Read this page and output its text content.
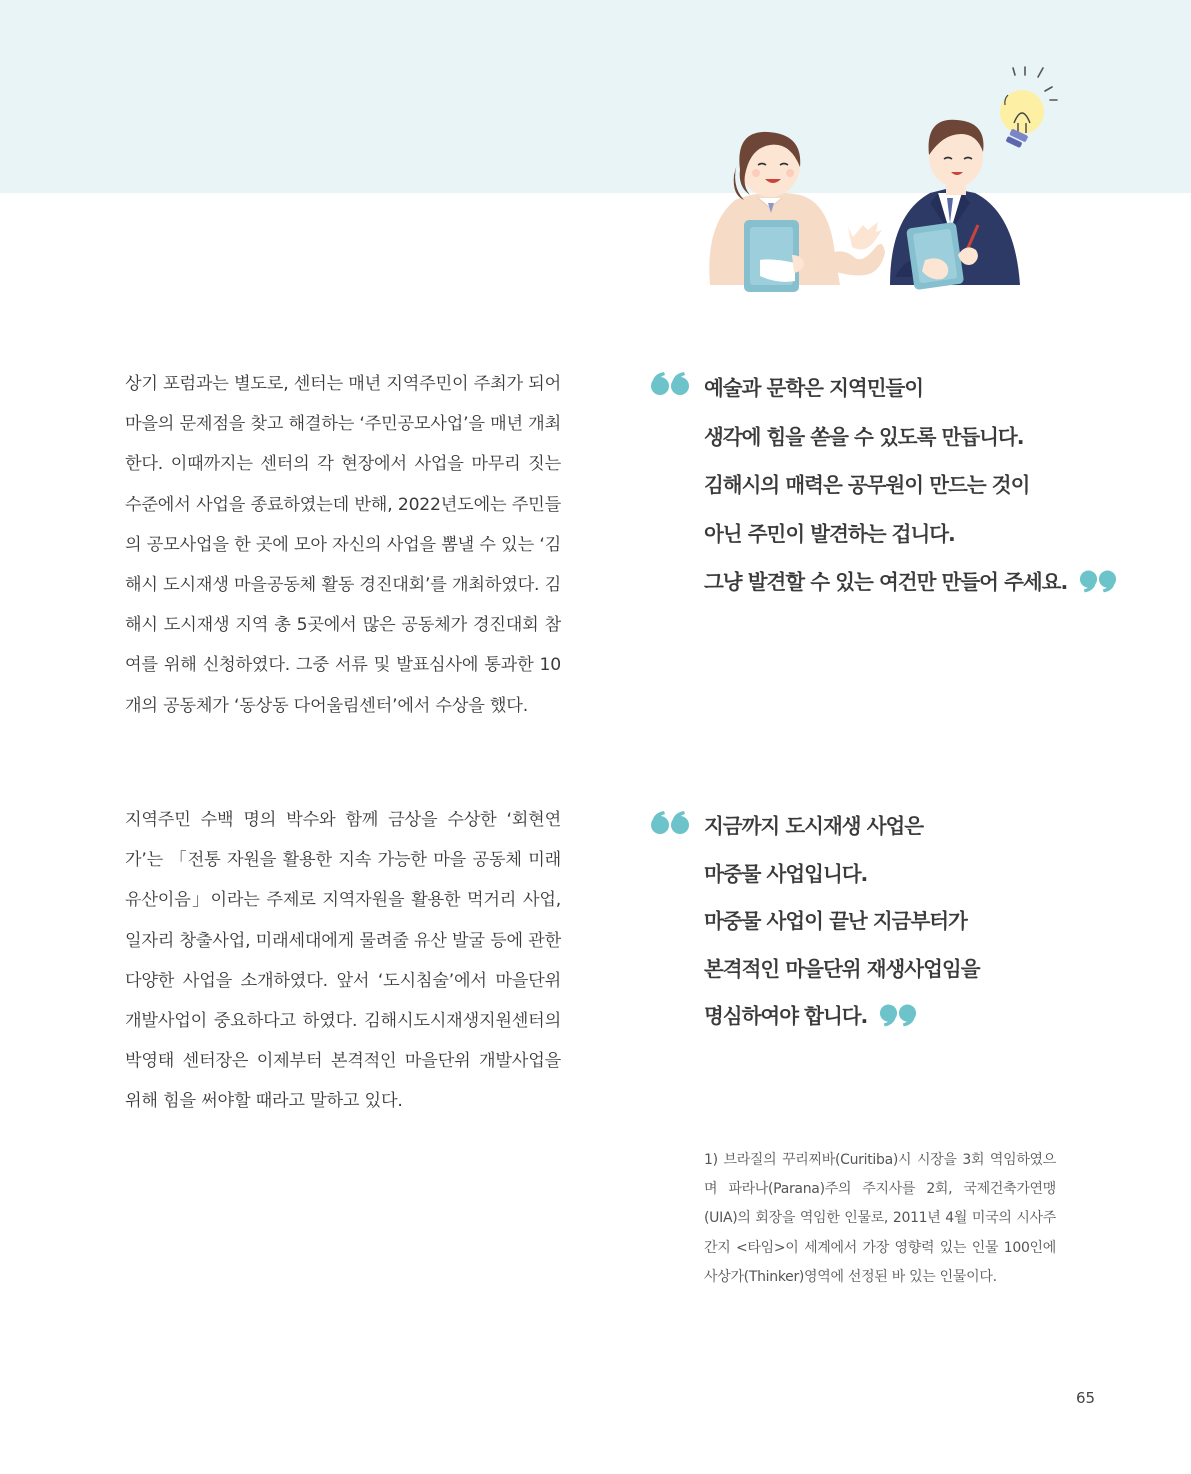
상기 포럼과는 별도로, 센터는 매년 지역주민이 주최가 되어 마을의 문제점을 찾고 해결하는 ‘주민공모사업’을 매년 개최한다. 이때까지는 센터의 각 현장에서 사업을 마무리 짓는 수준에서 사업을 종료하였는데 반해, 2022년도에는 주민들의 공모사업을 한 곳에 모아 자신의 사업을 뽐낼 수 있는 ‘김해시 도시재생 마을공동체 활동 경진대회’를 개최하였다. 김해시 도시재생 지역 총 5곳에서 많은 공동체가 경진대회 참여를 위해 신청하였다. 그중 서류 및 발표심사에 통과한 10개의 공동체가 ‘동상동 다어울림센터’에서 수상을 했다.

지역주민 수백 명의 박수와 함께 금상을 수상한 ‘회현연가’는 「전통 자원을 활용한 지속 가능한 마을 공동체 미래유산이음」이라는 주제로 지역자원을 활용한 먹거리 사업, 일자리 창출사업, 미래세대에게 물려줄 유산 발굴 등에 관한 다양한 사업을 소개하였다. 앞서 ‘도시침술’에서 마을단위 개발사업이 중요하다고 하였다. 김해시도시재생지원센터의 박영태 센터장은 이제부터 본격적인 마을단위 개발사업을 위해 힘을 써야할 때라고 말하고 있다.

예술과 문학은 지역민들이
생각에 힘을 쏟을 수 있도록 만듭니다.
김해시의 매력은 공무원이 만드는 것이
아닌 주민이 발견하는 겁니다.
그냥 발견할 수 있는 여건만 만들어 주세요.
지금까지 도시재생 사업은
마중물 사업입니다.
마중물 사업이 끝난 지금부터가
본격적인 마을단위 재생사업임을
명심하여야 합니다.
1) 브라질의 꾸리찌바(Curitiba)시 시장을 3회 역임하였으며 파라나(Parana)주의 주지사를 2회, 국제건축가연맹(UIA)의 회장을 역임한 인물로, 2011년 4월 미국의 시사주간지 <타임>이 세계에서 가장 영향력 있는 인물 100인에 사상가(Thinker)영역에 선정된 바 있는 인물이다.
65
